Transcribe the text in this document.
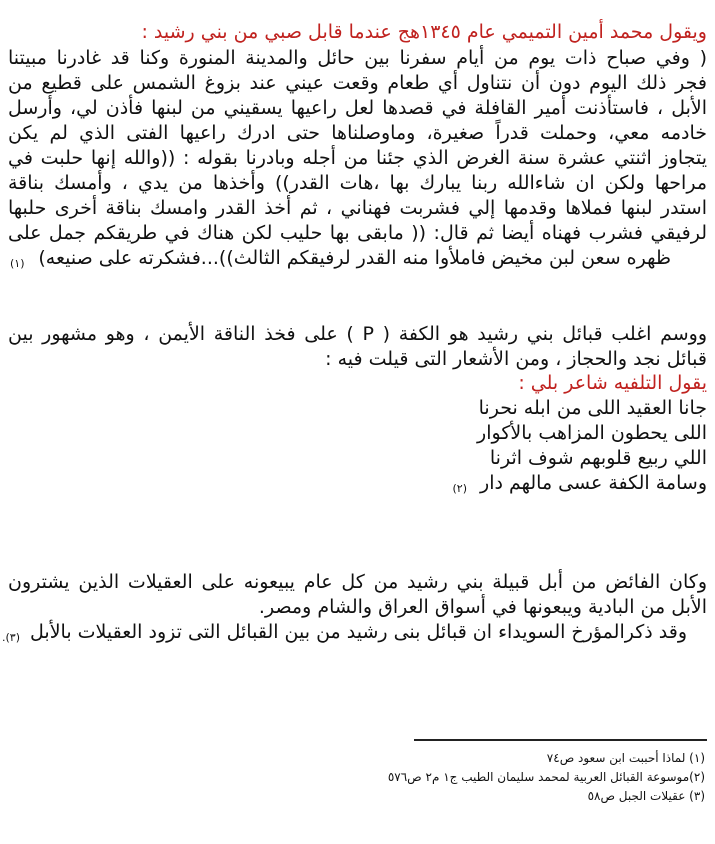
ويقول محمد أمين التميمي عام ١٣٤٥هج عندما قابل صبي من بني رشيد :
( وفي صباح ذات يوم من أيام سفرنا بين حائل والمدينة المنورة وكنا قد غادرنا مبيتنا
فجر ذلك اليوم دون أن نتناول أي طعام وقعت عيني عند بزوغ الشمس على قطيع من
الأبل ، فاستأذنت أمير القافلة في قصدها لعل راعيها يسقيني من لبنها فأذن لي، وأرسل
خادمه معي، وحملت قدراً صغيرة، وماوصلناها حتى ادرك راعيها الفتى الذي لم يكن
يتجاوز اثنتي عشرة سنة الغرض الذي جئنا من أجله وبادرنا بقوله : ((والله إنها حلبت في
مراحها ولكن ان شاءالله ربنا يبارك بها ،هات القدر)) وأخذها من يدي ، وأمسك بناقة
استدر لبنها فملاها وقدمها إلي فشربت فهناني ، ثم أخذ القدر وامسك بناقة أخرى حلبها
لرفيقي فشرب فهناه أيضا ثم قال: (( مابقى بها حليب لكن هناك في طريقكم جمل على
ظهره سعن لبن مخيض فاملأوا منه القدر لرفيقكم الثالث))...فشكرته على صنيعه)
(١)
ووسم اغلب قبائل بني رشيد هو الكفة ( P ) على فخذ الناقة الأيمن ، وهو مشهور بين
قبائل نجد والحجاز ، ومن الأشعار التى قيلت فيه :
يقول التلفيه شاعر بلي :
جانا العقيد اللى من ابله نحرنا
اللى يحطون المزاهب بالأكوار
اللي ربيع قلوبهم شوف اثرنا
وسامة الكفة عسى مالهم دار
(٢)
وكان الفائض من أبل قبيلة بني رشيد من كل عام يبيعونه على العقيلات الذين يشترون
الأبل من البادية ويبعونها في أسواق العراق والشام ومصر.
وقد ذكرالمؤرخ السويداء ان قبائل بنى رشيد من بين القبائل التى تزود العقيلات بالأبل
(٣).
(١) لماذا أحببت ابن سعود ص٧٤
(٢)موسوعة القبائل العربية لمحمد سليمان الطيب ج١ م٢ ص٥٧٦
(٣) عقيلات الجبل ص٥٨
